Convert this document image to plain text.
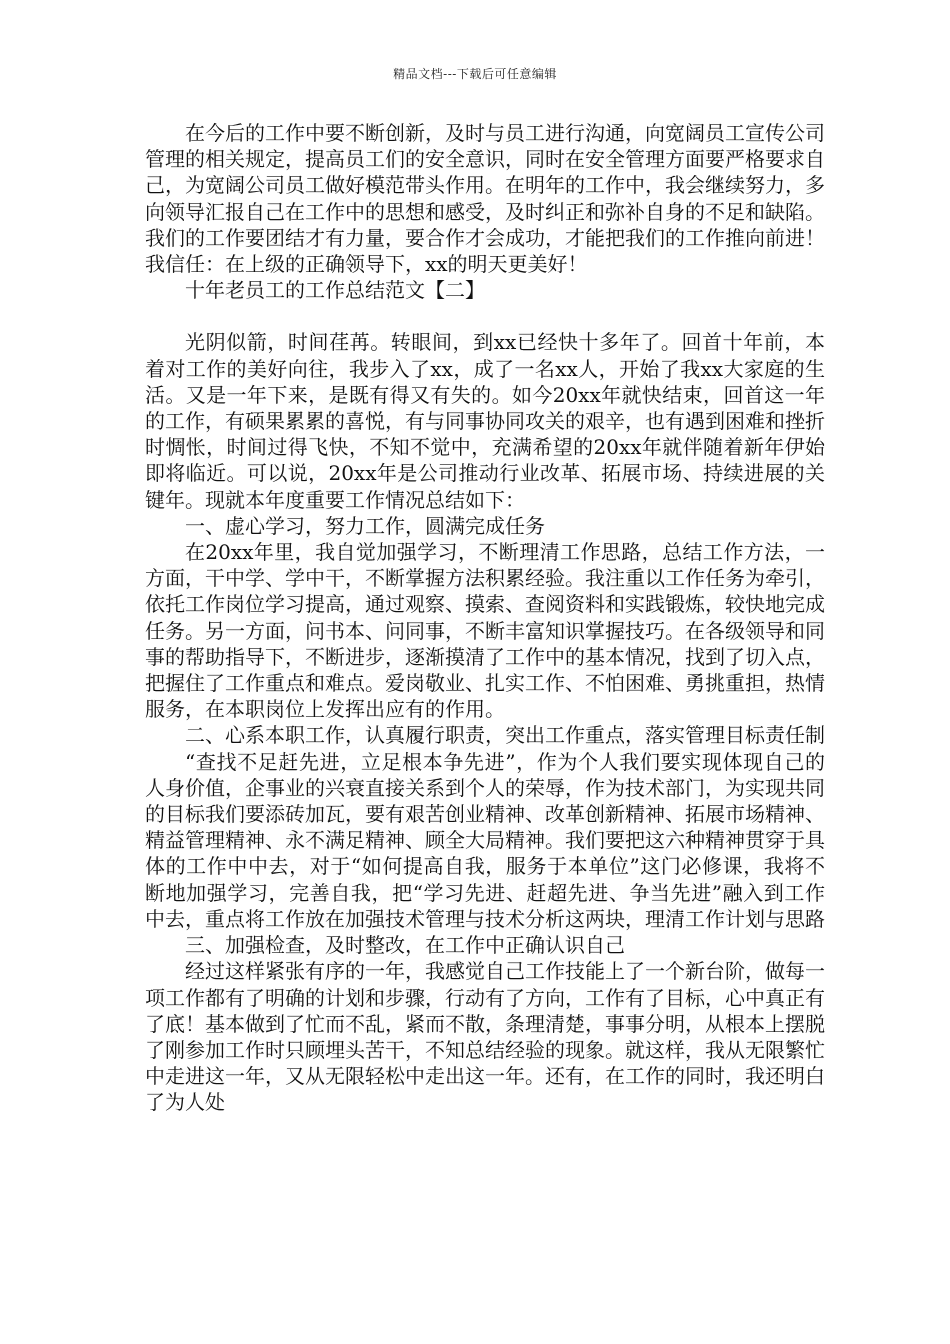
精品文档---下载后可任意编辑

在今后的工作中要不断创新，及时与员工进行沟通，向宽阔员工宣传公司管理的相关规定，提高员工们的安全意识，同时在安全管理方面要严格要求自己，为宽阔公司员工做好模范带头作用。在明年的工作中，我会继续努力，多向领导汇报自己在工作中的思想和感受，及时纠正和弥补自身的不足和缺陷。我们的工作要团结才有力量，要合作才会成功，才能把我们的工作推向前进！我信任：在上级的正确领导下，xx的明天更美好！

十年老员工的工作总结范文【二】

光阴似箭，时间荏苒。转眼间，到xx已经快十多年了。回首十年前，本着对工作的美好向往，我步入了xx，成了一名xx人，开始了我xx大家庭的生活。又是一年下来，是既有得又有失的。如今20xx年就快结束，回首这一年的工作，有硕果累累的喜悦，有与同事协同攻关的艰辛，也有遇到困难和挫折时惆怅，时间过得飞快，不知不觉中，充满希望的20xx年就伴随着新年伊始即将临近。可以说，20xx年是公司推动行业改革、拓展市场、持续进展的关键年。现就本年度重要工作情况总结如下：

一、虚心学习，努力工作，圆满完成任务

在20xx年里，我自觉加强学习，不断理清工作思路，总结工作方法，一方面，干中学、学中干，不断掌握方法积累经验。我注重以工作任务为牵引，依托工作岗位学习提高，通过观察、摸索、查阅资料和实践锻炼，较快地完成任务。另一方面，问书本、问同事，不断丰富知识掌握技巧。在各级领导和同事的帮助指导下，不断进步，逐渐摸清了工作中的基本情况，找到了切入点，把握住了工作重点和难点。爱岗敬业、扎实工作、不怕困难、勇挑重担，热情服务，在本职岗位上发挥出应有的作用。

二、心系本职工作，认真履行职责，突出工作重点，落实管理目标责任制

“查找不足赶先进，立足根本争先进”，作为个人我们要实现体现自己的人身价值，企事业的兴衰直接关系到个人的荣辱，作为技术部门，为实现共同的目标我们要添砖加瓦，要有艰苦创业精神、改革创新精神、拓展市场精神、精益管理精神、永不满足精神、顾全大局精神。我们要把这六种精神贯穿于具体的工作中中去，对于“如何提高自我，服务于本单位”这门必修课，我将不断地加强学习，完善自我，把“学习先进、赶超先进、争当先进”融入到工作中去，重点将工作放在加强技术管理与技术分析这两块，理清工作计划与思路

三、加强检查，及时整改，在工作中正确认识自己

经过这样紧张有序的一年，我感觉自己工作技能上了一个新台阶，做每一项工作都有了明确的计划和步骤，行动有了方向，工作有了目标，心中真正有了底！基本做到了忙而不乱，紧而不散，条理清楚，事事分明，从根本上摆脱了刚参加工作时只顾埋头苦干，不知总结经验的现象。就这样，我从无限繁忙中走进这一年，又从无限轻松中走出这一年。还有，在工作的同时，我还明白了为人处
